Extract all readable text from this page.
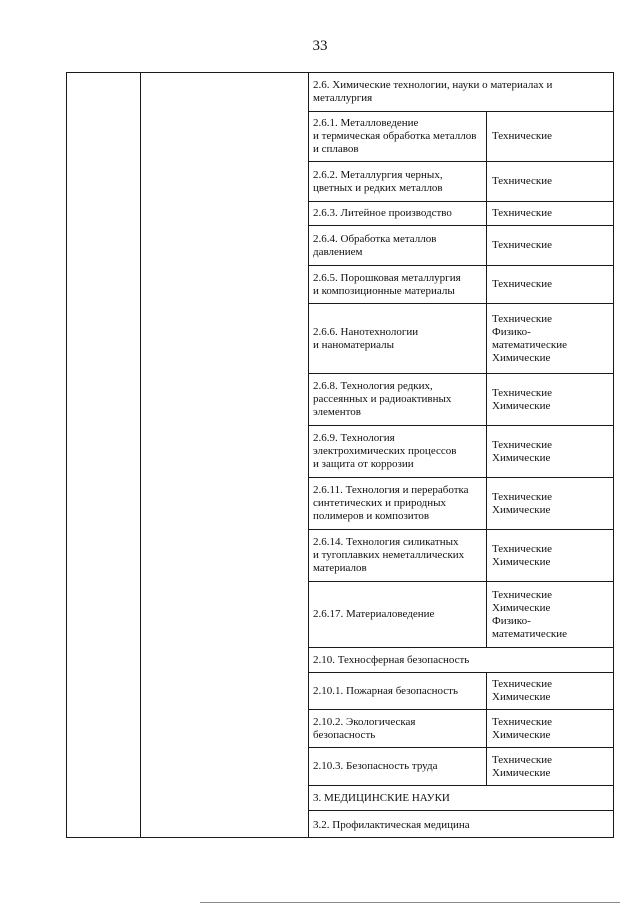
33
2.6. Химические технологии, науки о материалах и
металлургия
2.6.1. Металловедение
и термическая обработка металлов
и сплавов
Технические
2.6.2. Металлургия черных,
цветных и редких металлов
Технические
2.6.3. Литейное производство	Технические
2.6.4. Обработка металлов
давлением
Технические
2.6.5. Порошковая металлургия
и композиционные материалы
Технические
2.6.6. Нанотехнологии
и наноматериалы
Технические
Физико-
математические
Химические
2.6.8. Технология редких,
рассеянных и радиоактивных
элементов
Технические
Химические
2.6.9. Технология
электрохимических процессов
и защита от коррозии
Технические
Химические
2.6.11. Технология и переработка
синтетических и природных
полимеров и композитов
Технические
Химические
2.6.14. Технология силикатных
и тугоплавких неметаллических
материалов
Технические
Химические
2.6.17. Материаловедение
Технические
Химические
Физико-
математические
2.10. Техносферная безопасность
2.10.1. Пожарная безопасность
Технические
Химические
2.10.2. Экологическая
безопасность
Технические
Химические
2.10.3. Безопасность труда
Технические
Химические
3. МЕДИЦИНСКИЕ НАУКИ
3.2. Профилактическая медицина
